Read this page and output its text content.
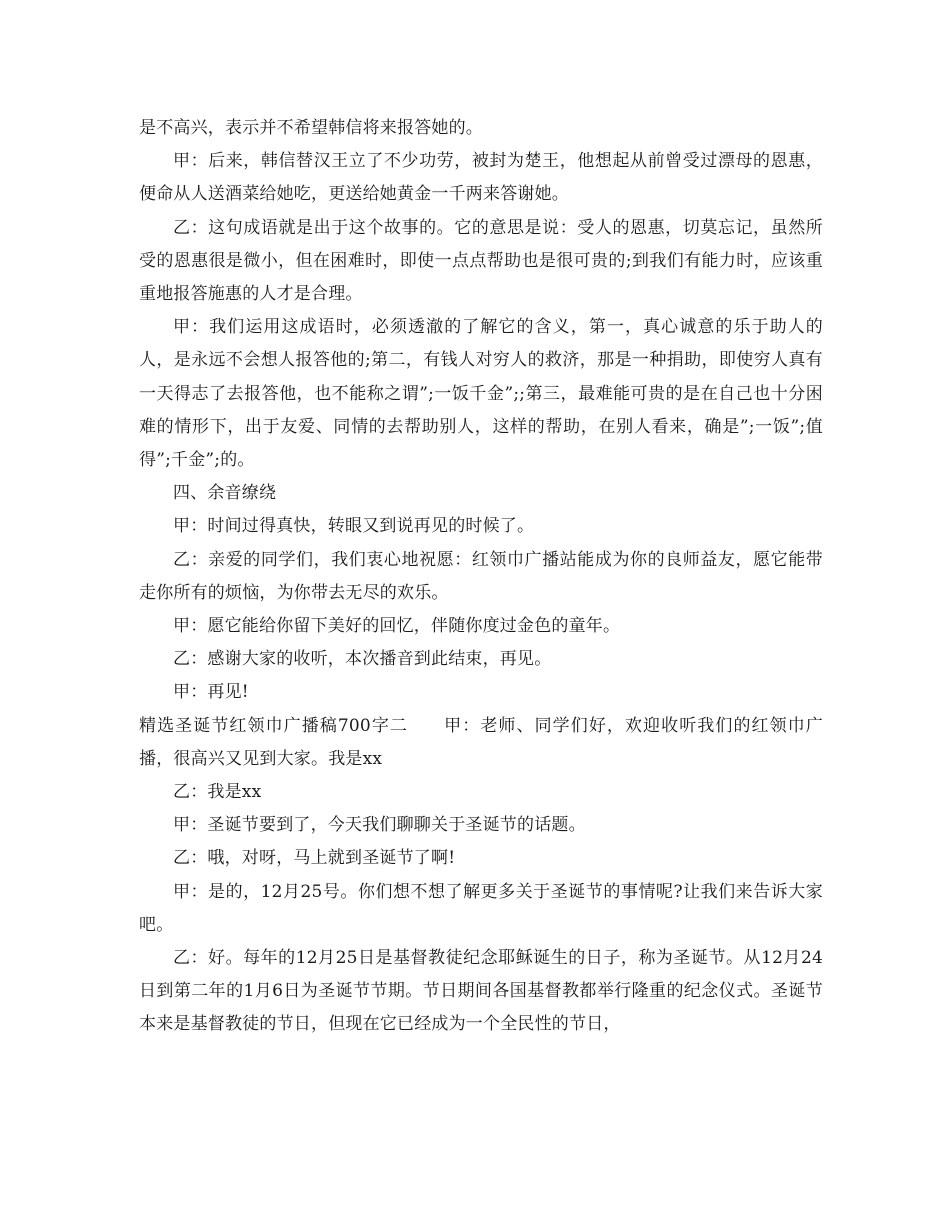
是不高兴，表示并不希望韩信将来报答她的。

甲：后来，韩信替汉王立了不少功劳，被封为楚王，他想起从前曾受过漂母的恩惠，便命从人送酒菜给她吃，更送给她黄金一千两来答谢她。

乙：这句成语就是出于这个故事的。它的意思是说：受人的恩惠，切莫忘记，虽然所受的恩惠很是微小，但在困难时，即使一点点帮助也是很可贵的;到我们有能力时，应该重重地报答施惠的人才是合理。

甲：我们运用这成语时，必须透澈的了解它的含义，第一，真心诚意的乐于助人的人，是永远不会想人报答他的;第二，有钱人对穷人的救济，那是一种捐助，即使穷人真有一天得志了去报答他，也不能称之谓”;一饭千金”;;第三，最难能可贵的是在自己也十分困难的情形下，出于友爱、同情的去帮助别人，这样的帮助，在别人看来，确是”;一饭”;值得”;千金”;的。

四、余音缭绕

甲：时间过得真快，转眼又到说再见的时候了。

乙：亲爱的同学们，我们衷心地祝愿：红领巾广播站能成为你的良师益友，愿它能带走你所有的烦恼，为你带去无尽的欢乐。

甲：愿它能给你留下美好的回忆，伴随你度过金色的童年。

乙：感谢大家的收听，本次播音到此结束，再见。

甲：再见!

精选圣诞节红领巾广播稿700字二　　甲：老师、同学们好，欢迎收听我们的红领巾广播，很高兴又见到大家。我是xx

乙：我是xx

甲：圣诞节要到了，今天我们聊聊关于圣诞节的话题。

乙：哦，对呀，马上就到圣诞节了啊!

甲：是的，12月25号。你们想不想了解更多关于圣诞节的事情呢?让我们来告诉大家吧。

乙：好。每年的12月25日是基督教徒纪念耶稣诞生的日子，称为圣诞节。从12月24日到第二年的1月6日为圣诞节节期。节日期间各国基督教都举行隆重的纪念仪式。圣诞节本来是基督教徒的节日，但现在它已经成为一个全民性的节日，
